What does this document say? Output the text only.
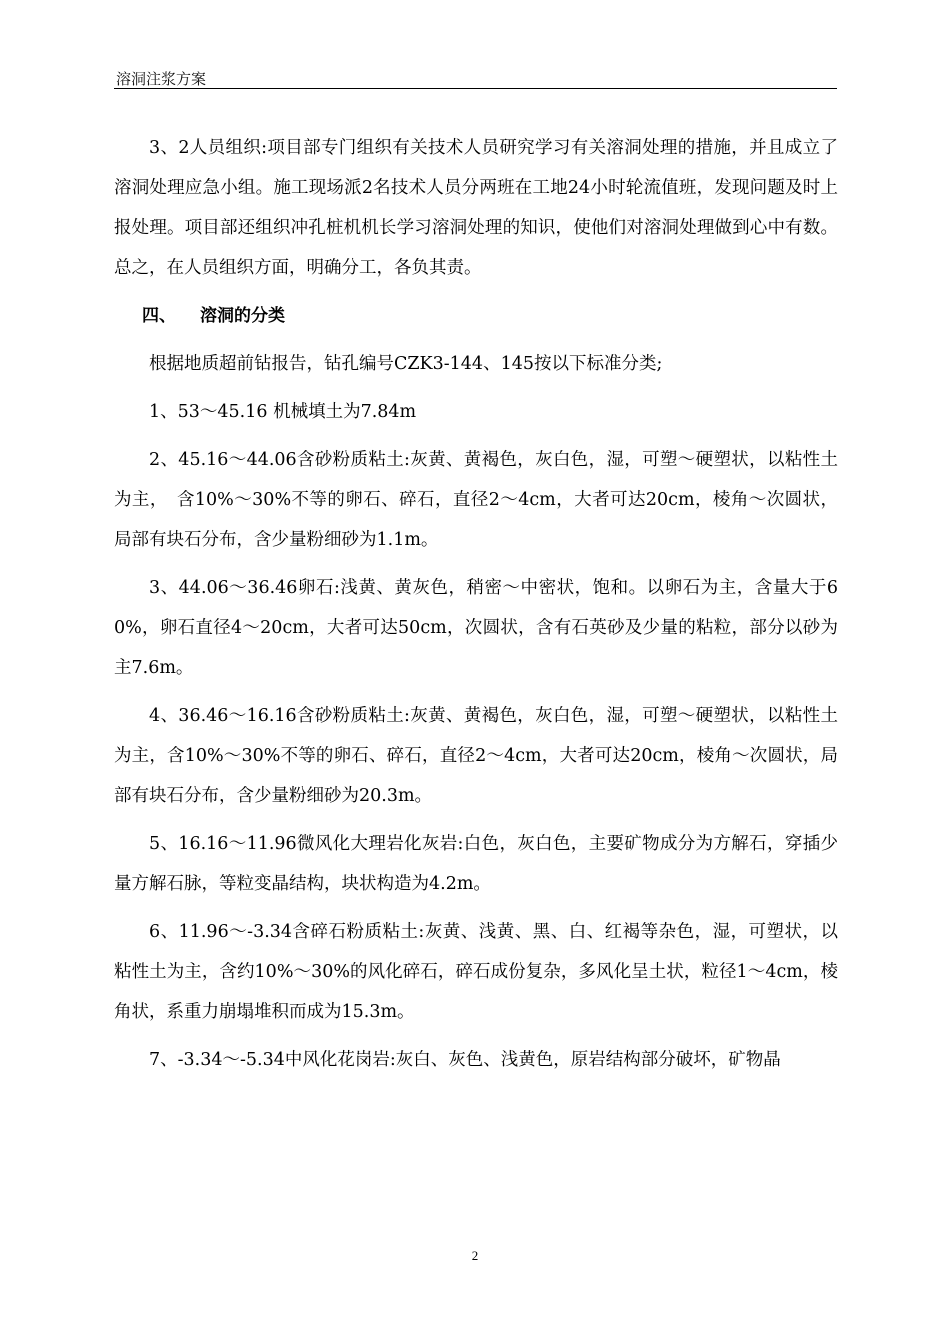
溶洞注浆方案

3、2人员组织:项目部专门组织有关技术人员研究学习有关溶洞处理的措施，并且成立了溶洞处理应急小组。施工现场派2名技术人员分两班在工地24小时轮流值班，发现问题及时上报处理。项目部还组织冲孔桩机机长学习溶洞处理的知识，使他们对溶洞处理做到心中有数。总之，在人员组织方面，明确分工，各负其责。

四、 溶洞的分类

根据地质超前钻报告，钻孔编号CZK3-144、145按以下标准分类;

1、53～45.16 机械填土为7.84m

2、45.16～44.06含砂粉质粘土:灰黄、黄褐色，灰白色，湿，可塑～硬塑状，以粘性土为主，　含10%～30%不等的卵石、碎石，直径2～4cm，大者可达20cm，棱角～次圆状，局部有块石分布，含少量粉细砂为1.1m。

3、44.06～36.46卵石:浅黄、黄灰色，稍密～中密状，饱和。以卵石为主，含量大于60%，卵石直径4～20cm，大者可达50cm，次圆状，含有石英砂及少量的粘粒，部分以砂为主7.6m。

4、36.46～16.16含砂粉质粘土:灰黄、黄褐色，灰白色，湿，可塑～硬塑状，以粘性土为主，含10%～30%不等的卵石、碎石，直径2～4cm，大者可达20cm，棱角～次圆状，局部有块石分布，含少量粉细砂为20.3m。

5、16.16～11.96微风化大理岩化灰岩:白色，灰白色，主要矿物成分为方解石，穿插少量方解石脉，等粒变晶结构，块状构造为4.2m。

6、11.96～-3.34含碎石粉质粘土:灰黄、浅黄、黑、白、红褐等杂色，湿，可塑状，以粘性土为主，含约10%～30%的风化碎石，碎石成份复杂，多风化呈土状，粒径1～4cm，棱角状，系重力崩塌堆积而成为15.3m。

7、-3.34～-5.34中风化花岗岩:灰白、灰色、浅黄色，原岩结构部分破坏，矿物晶

2
